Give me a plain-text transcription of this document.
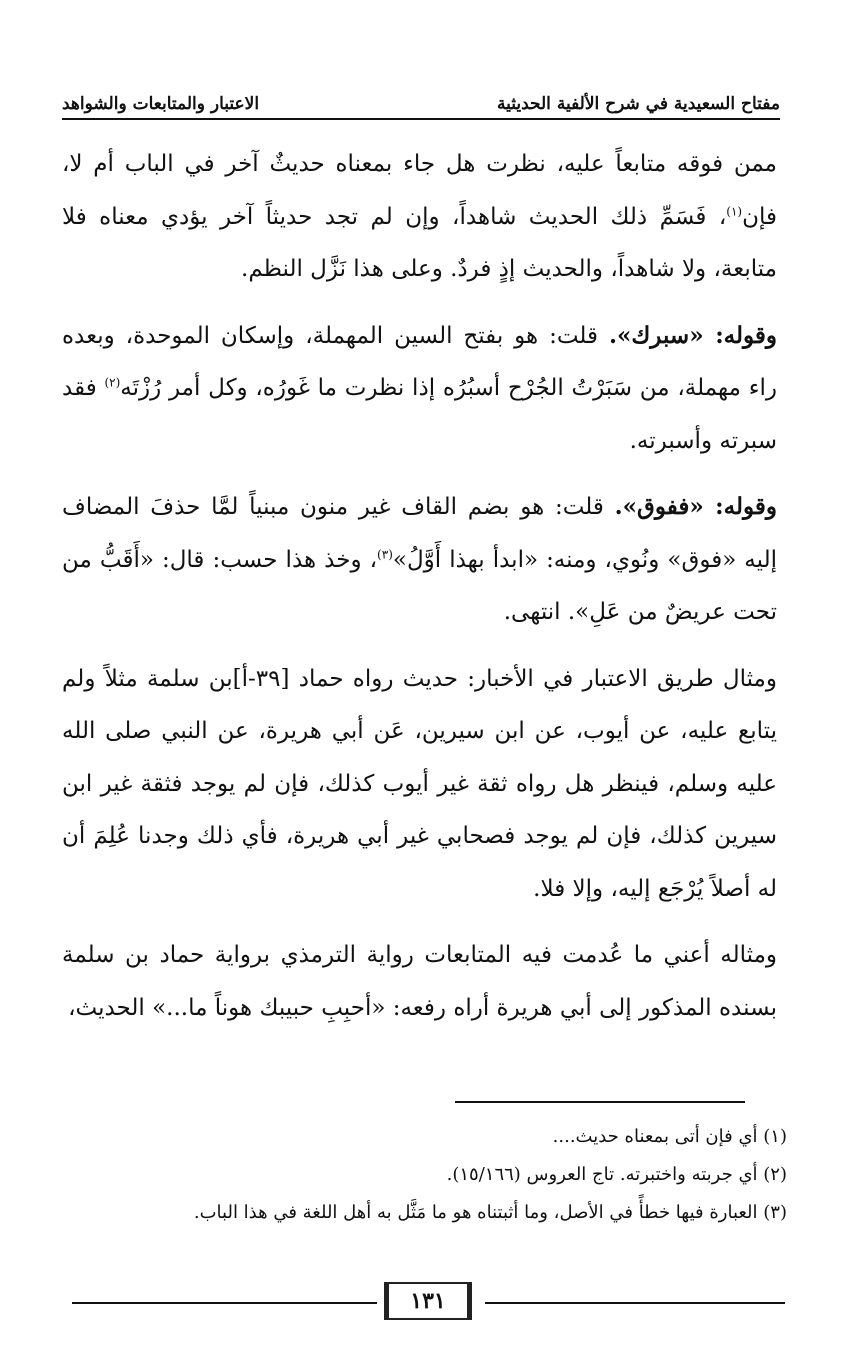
مفتاح السعيدية في شرح الألفية الحديثية
الاعتبار والمتابعات والشواهد

ممن فوقه متابعاً عليه، نظرت هل جاء بمعناه حديثٌ آخر في الباب أم لا، فإن$^{(١)}$، فَسَمِّ ذلك الحديث شاهداً، وإن لم تجد حديثاً آخر يؤدي معناه فلا متابعة، ولا شاهداً، والحديث إذٍ فردٌ. وعلى هذا نَزَّل النظم.

وقوله: «سبرك». قلت: هو بفتح السين المهملة، وإسكان الموحدة، وبعده راء مهملة، من سَبَرْتُ الجُرْح أسبُرُه إذا نظرت ما غَورُه، وكل أمر رُزْتَه$^{(٢)}$ فقد سبرته وأسبرته.

وقوله: «ففوق». قلت: هو بضم القاف غير منون مبنياً لمَّا حذفَ المضاف إليه «فوق» ونُوي، ومنه: «ابدأ بهذا أَوَّلُ»$^{(٣)}$، وخذ هذا حسب: قال: «أَقَبُّ من تحت عريضٌ من عَلِ». انتهى.

ومثال طريق الاعتبار في الأخبار: حديث رواه حماد [٣٩-أ]بن سلمة مثلاً ولم يتابع عليه، عن أيوب، عن ابن سيرين، عَن أبي هريرة، عن النبي صلى الله عليه وسلم، فينظر هل رواه ثقة غير أيوب كذلك، فإن لم يوجد فثقة غير ابن سيرين كذلك، فإن لم يوجد فصحابي غير أبي هريرة، فأي ذلك وجدنا عُلِمَ أن له أصلاً يُرْجَع إليه، وإلا فلا.

ومثاله أعني ما عُدمت فيه المتابعات رواية الترمذي برواية حماد بن سلمة بسنده المذكور إلى أبي هريرة أراه رفعه: «أحبِبِ حبيبك هوناً ما...» الحديث،

(١) أي فإن أتى بمعناه حديث....
(٢) أي جربته واختبرته. تاج العروس (١٥/١٦٦).
(٣) العبارة فيها خطأً في الأصل، وما أثبتناه هو ما مَثَّل به أهل اللغة في هذا الباب.
١٣١
